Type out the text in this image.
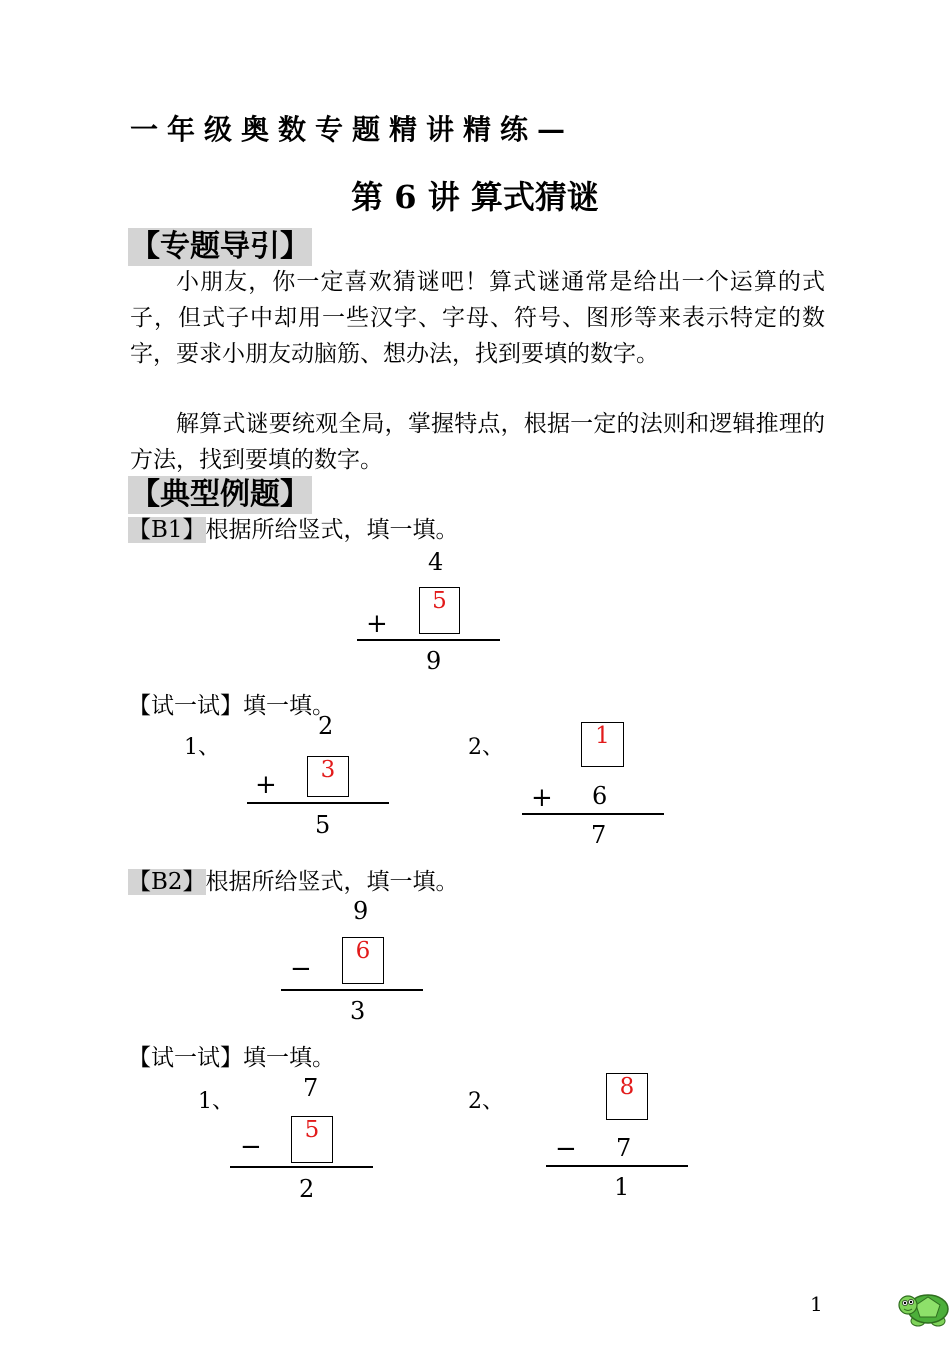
一年级奥数专题精讲精练—
第 6 讲 算式猜谜
【专题导引】

小朋友，你一定喜欢猜谜吧！算式谜通常是给出一个运算的式子，但式子中却用一些汉字、字母、符号、图形等来表示特定的数字，要求小朋友动脑筋、想办法，找到要填的数字。

解算式谜要统观全局，掌握特点，根据一定的法则和逻辑推理的方法，找到要填的数字。

【典型例题】
【B1】根据所给竖式，填一填。
4
+
5
9
【试一试】填一填。
1、
2
+	3
5
2、	1
+ 6
7
【B2】根据所给竖式，填一填。
9
−
6
3
【试一试】填一填。
1、	7
−
5
2
2、
8
− 7
1
1
